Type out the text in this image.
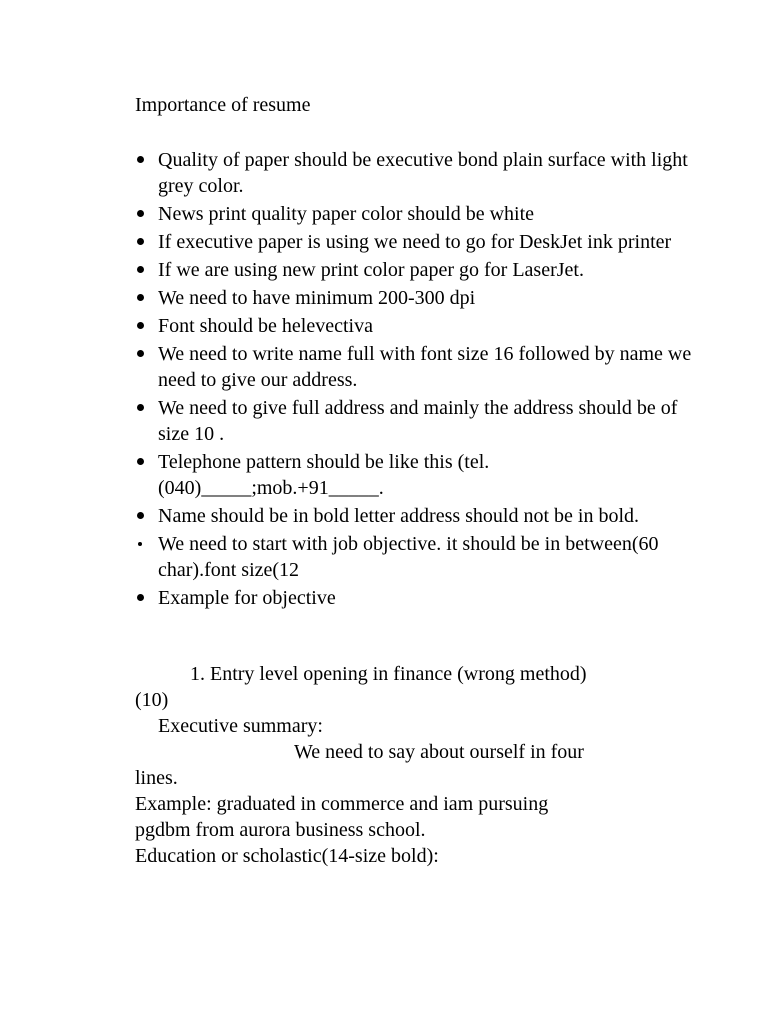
Importance of resume
Quality of paper should be executive bond plain surface with light grey color.
News print quality paper color should be white
If executive paper is using we need to go for DeskJet ink printer
If we are using new print color paper go for LaserJet.
We need to have minimum 200-300 dpi
Font should be helevectiva
We need to write name full with font size 16 followed by name we need to give our address.
We need to give full address and mainly the address should be of size 10 .
Telephone pattern should be like this (tel. (040)_____;mob.+91_____.
Name should be in bold letter address should not be in bold.
We need to start with job objective. it should be in between(60 char).font size(12
Example for objective
1. Entry level opening in finance (wrong method)
(10)
Executive summary:
We need to say about ourself in four
lines.
Example: graduated in commerce and iam pursuing
pgdbm from aurora business school.
Education or scholastic(14-size bold):
